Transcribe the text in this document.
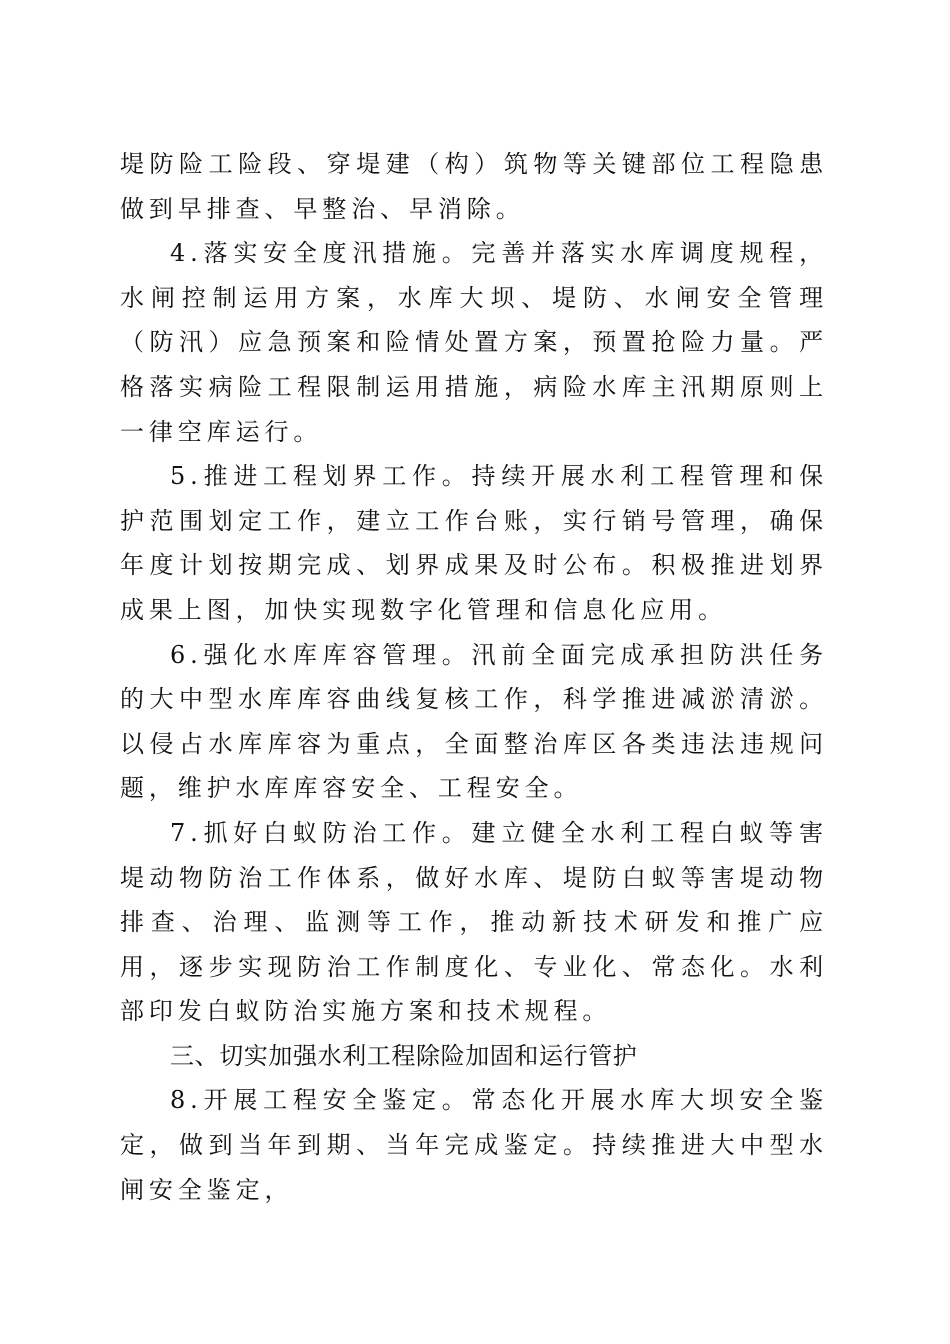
堤防险工险段、穿堤建（构）筑物等关键部位工程隐患做到早排查、早整治、早消除。

4.落实安全度汛措施。完善并落实水库调度规程，水闸控制运用方案，水库大坝、堤防、水闸安全管理（防汛）应急预案和险情处置方案，预置抢险力量。严格落实病险工程限制运用措施，病险水库主汛期原则上一律空库运行。

5.推进工程划界工作。持续开展水利工程管理和保护范围划定工作，建立工作台账，实行销号管理，确保年度计划按期完成、划界成果及时公布。积极推进划界成果上图，加快实现数字化管理和信息化应用。

6.强化水库库容管理。汛前全面完成承担防洪任务的大中型水库库容曲线复核工作，科学推进减淤清淤。以侵占水库库容为重点，全面整治库区各类违法违规问题，维护水库库容安全、工程安全。

7.抓好白蚁防治工作。建立健全水利工程白蚁等害堤动物防治工作体系，做好水库、堤防白蚁等害堤动物排查、治理、监测等工作，推动新技术研发和推广应用，逐步实现防治工作制度化、专业化、常态化。水利部印发白蚁防治实施方案和技术规程。

三、切实加强水利工程除险加固和运行管护

8.开展工程安全鉴定。常态化开展水库大坝安全鉴定，做到当年到期、当年完成鉴定。持续推进大中型水闸安全鉴定，
